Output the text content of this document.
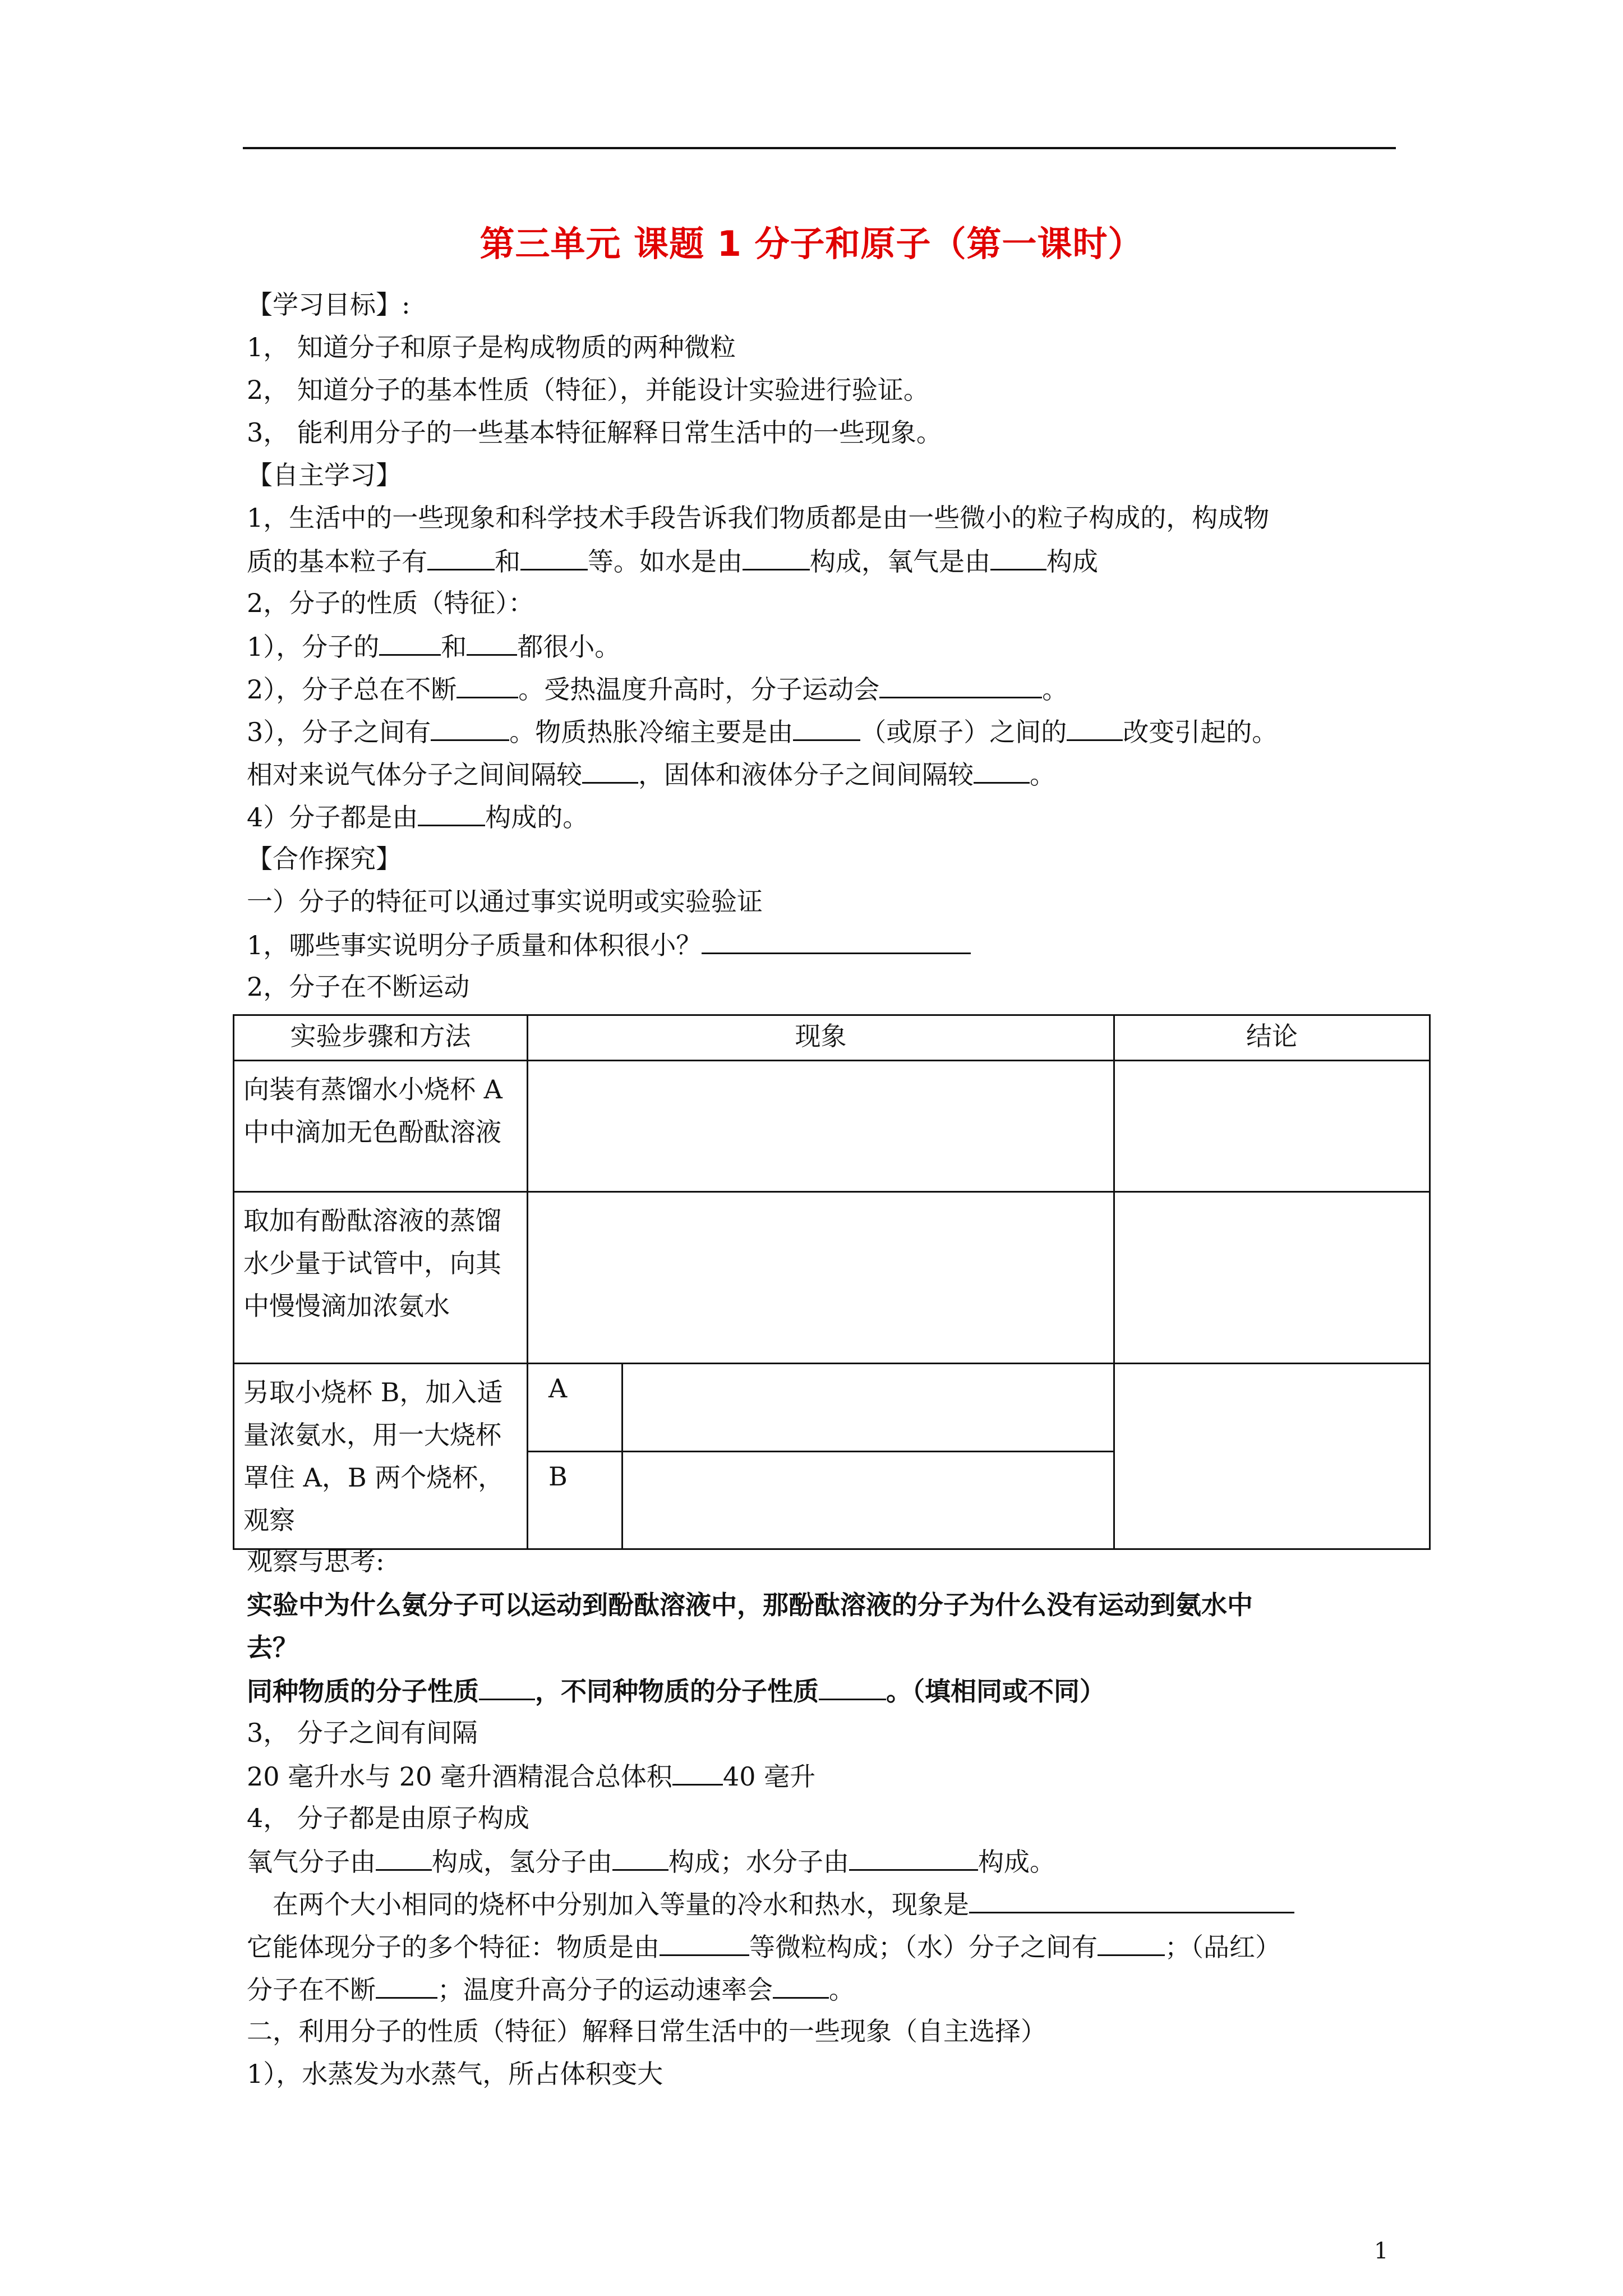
第三单元 课题 1 分子和原子（第一课时）
【学习目标】:
1， 知道分子和原子是构成物质的两种微粒
2， 知道分子的基本性质（特征），并能设计实验进行验证。
3， 能利用分子的一些基本特征解释日常生活中的一些现象。
【自主学习】
1，生活中的一些现象和科学技术手段告诉我们物质都是由一些微小的粒子构成的，构成物
质的基本粒子有	和	等。如水是由	构成，氧气是由 构成
2，分子的性质（特征）：
1），分子的 和 都很小。
2），分子总在不断 。受热温度升高时，分子运动会	。
3），分子之间有	。物质热胀冷缩主要是由	（或原子）之间的 改变引起的。
相对来说气体分子之间间隔较 ，固体和液体分子之间间隔较 。
4）分子都是由	构成的。
【合作探究】
一）分子的特征可以通过事实说明或实验验证
1，哪些事实说明分子质量和体积很小？
2，分子在不断运动
实验步骤和方法	现象		结论

向装有蒸馏水小烧杯 A 中中滴加无色酚酞溶液			

取加有酚酞溶液的蒸馏水少量于试管中，向其中慢慢滴加浓氨水			

另取小烧杯 B，加入适量浓氨水，用一大烧杯罩住 A，B 两个烧杯，观察	A		
	B		
观察与思考:
实验中为什么氨分子可以运动到酚酞溶液中，那酚酞溶液的分子为什么没有运动到氨水中
去？
同种物质的分子性质 ，不同种物质的分子性质	。（填相同或不同）
3， 分子之间有间隔
20 毫升水与 20 毫升酒精混合总体积 40 毫升
4， 分子都是由原子构成
氧气分子由 构成，氢分子由 构成；水分子由	构成。
在两个大小相同的烧杯中分别加入等量的冷水和热水，现象是
它能体现分子的多个特征：物质是由	等微粒构成；（水）分子之间有	；（品红）
分子在不断 ；温度升高分子的运动速率会 。
二，利用分子的性质（特征）解释日常生活中的一些现象（自主选择）
1），水蒸发为水蒸气，所占体积变大
1
